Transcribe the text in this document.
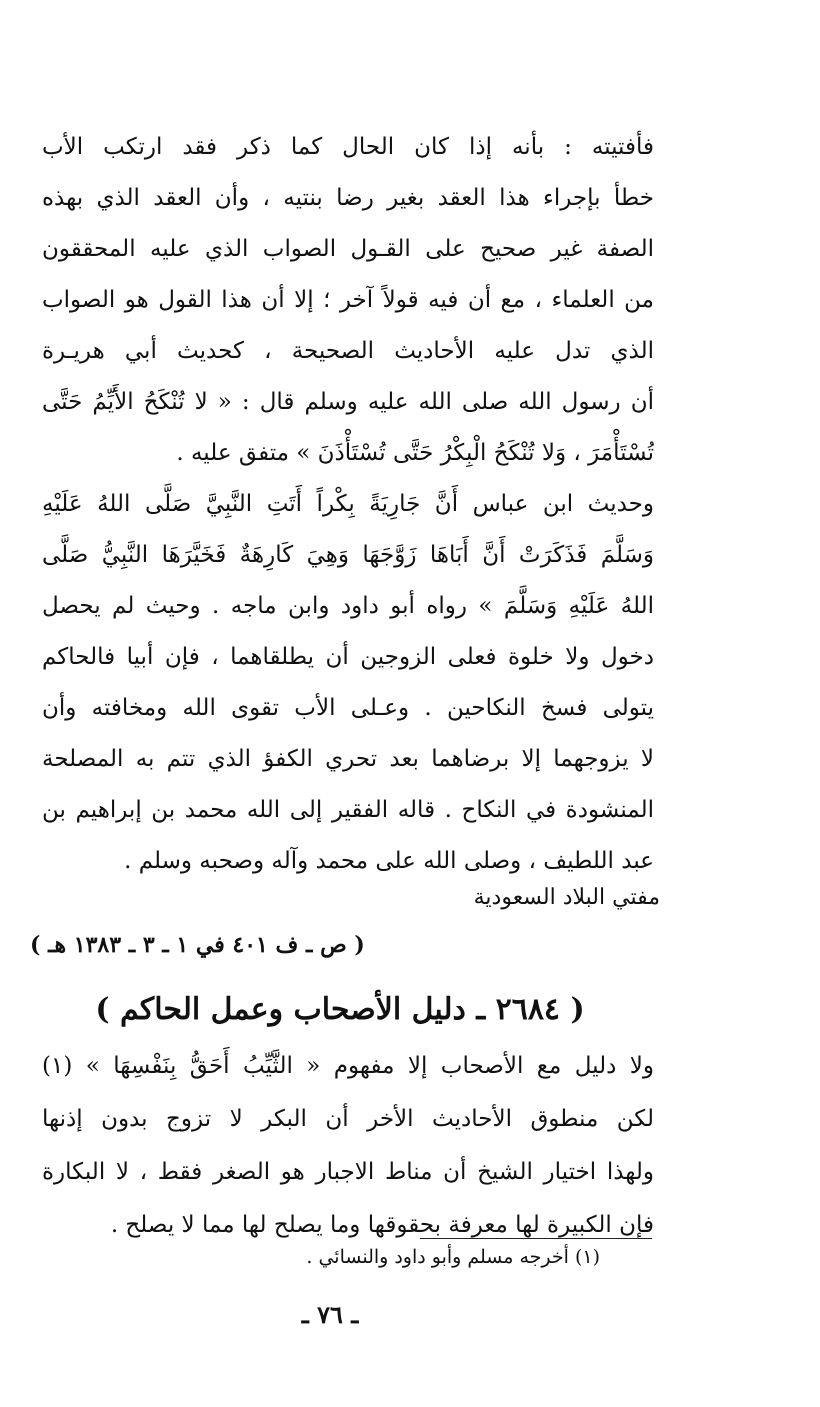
فأفتيته : بأنه إذا كان الحال كما ذكر فقد ارتكب الأب
خطأ بإجراء هذا العقد بغير رضا بنتيه ، وأن العقد الذي بهذه
الصفة غير صحيح على القـول الصواب الذي عليه المحققون
من العلماء ، مع أن فيه قولاً آخر ؛ إلا أن هذا القول هو الصواب
الذي تدل عليه الأحاديث الصحيحة ، كحديث أبي هريـرة
أن رسول الله صلى الله عليه وسلم قال : « لا تُنْكَحُ الأَيِّمُ حَتَّى
تُسْتَأْمَرَ ، وَلا تُنْكَحُ الْبِكْرُ حَتَّى تُسْتَأْذَنَ » متفق عليه .
وحديث ابن عباس أَنَّ جَارِيَةً بِكْراً أَتَتِ النَّبِيَّ صَلَّى اللهُ عَلَيْهِ
وَسَلَّمَ فَذَكَرَتْ أَنَّ أَبَاهَا زَوَّجَهَا وَهِيَ كَارِهَةٌ فَخَيَّرَهَا النَّبِيُّ صَلَّى
اللهُ عَلَيْهِ وَسَلَّمَ » رواه أبو داود وابن ماجه . وحيث لم يحصل
دخول ولا خلوة فعلى الزوجين أن يطلقاهما ، فإن أبيا فالحاكم
يتولى فسخ النكاحين . وعـلى الأب تقوى الله ومخافته وأن
لا يزوجهما إلا برضاهما بعد تحري الكفؤ الذي تتم به المصلحة
المنشودة في النكاح . قاله الفقير إلى الله محمد بن إبراهيم بن
عبد اللطيف ، وصلى الله على محمد وآله وصحبه وسلم .
مفتي البلاد السعودية
( ص ـ ف ٤٠١ في ١ ـ ٣ ـ ١٣٨٣ هـ )
( ٢٦٨٤ ـ دليل الأصحاب وعمل الحاكم )
ولا دليل مع الأصحاب إلا مفهوم « الثَّيِّبُ أَحَقُّ بِنَفْسِهَا » (١)
لكن منطوق الأحاديث الأخر أن البكر لا تزوج بدون إذنها
ولهذا اختيار الشيخ أن مناط الاجبار هو الصغر فقط ، لا البكارة
فإن الكبيرة لها معرفة بحقوقها وما يصلح لها مما لا يصلح .
(١) أخرجه مسلم وأبو داود والنسائي .
ـ ٧٦ ـ
